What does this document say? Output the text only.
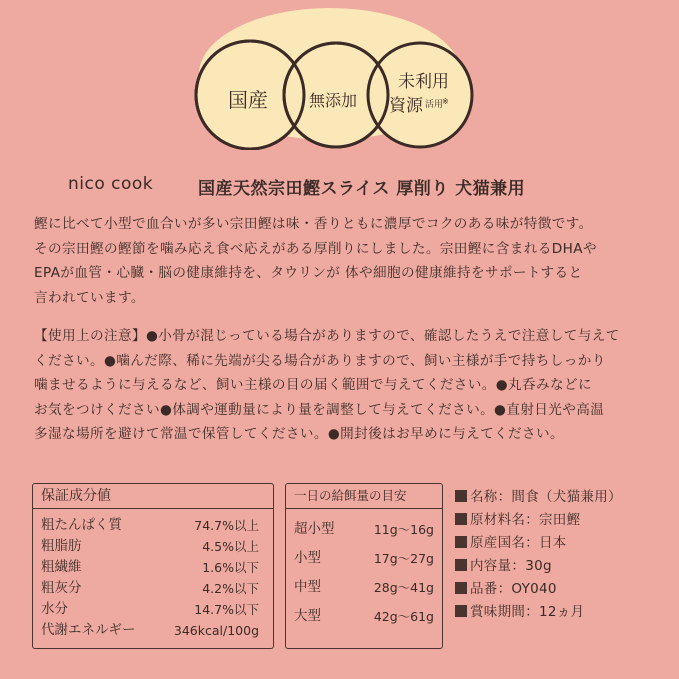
国産	無添加
未利用
資源 活用
※
nico cook	国産天然宗田鰹スライス 厚削り 犬猫兼用
鰹に比べて小型で血合いが多い宗田鰹は味・香りともに濃厚でコクのある味が特徴です。
その宗田鰹の鰹節を噛み応え食べ応えがある厚削りにしました。宗田鰹に含まれるDHAや
EPAが血管・心臓・脳の健康維持を、タウリンが 体や細胞の健康維持をサポートすると
言われています。
【使用上の注意】●小骨が混じっている場合がありますので、確認したうえで注意して与えて
ください。●噛んだ際、稀に先端が尖る場合がありますので、飼い主様が手で持ちしっかり
噛ませるように与えるなど、飼い主様の目の届く範囲で与えてください。●丸呑みなどに
お気をつけください●体調や運動量により量を調整して与えてください。●直射日光や高温
多湿な場所を避けて常温で保管してください。●開封後はお早めに与えてください。
保証成分値
粗たんぱく質	74.7%以上
粗脂肪	4.5%以上
粗繊維	1.6%以下
粗灰分	4.2%以下
水分	14.7%以下
代謝エネルギー	346kcal/100g
一日の給餌量の目安
超小型	11g〜16g
小型	17g〜27g
中型	28g〜41g
大型	42g〜61g
名称：間食（犬猫兼用）
原材料名：宗田鰹
原産国名：日本
内容量：30g
品番：OY040
賞味期間：12ヵ月
